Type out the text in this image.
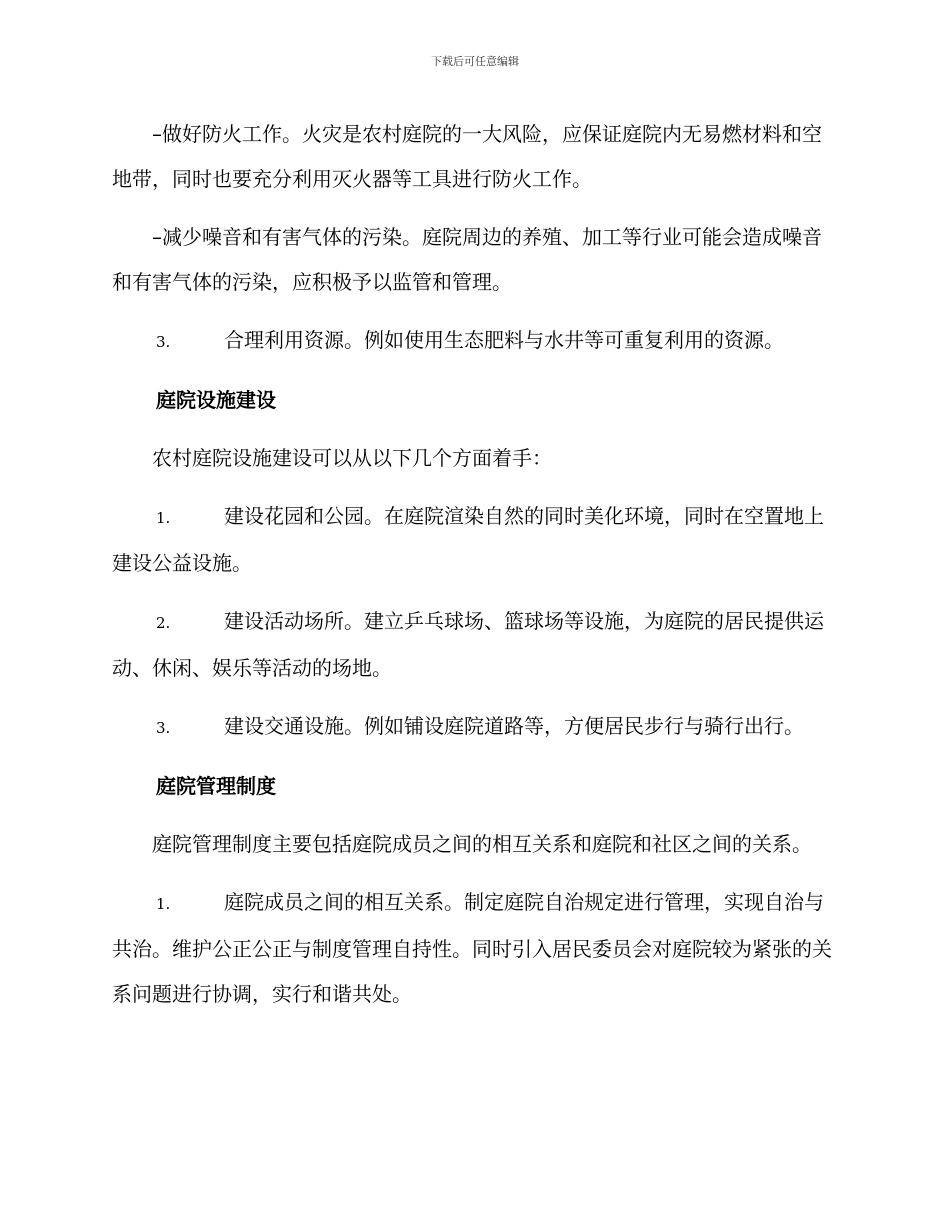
下载后可任意编辑

–做好防火工作。火灾是农村庭院的一大风险，应保证庭院内无易燃材料和空地带，同时也要充分利用灭火器等工具进行防火工作。

–减少噪音和有害气体的污染。庭院周边的养殖、加工等行业可能会造成噪音和有害气体的污染，应积极予以监管和管理。

3.	合理利用资源。例如使用生态肥料与水井等可重复利用的资源。

庭院设施建设

农村庭院设施建设可以从以下几个方面着手：

1.	建设花园和公园。在庭院渲染自然的同时美化环境，同时在空置地上建设公益设施。

2.	建设活动场所。建立乒乓球场、篮球场等设施，为庭院的居民提供运动、休闲、娱乐等活动的场地。

3.	建设交通设施。例如铺设庭院道路等，方便居民步行与骑行出行。

庭院管理制度

庭院管理制度主要包括庭院成员之间的相互关系和庭院和社区之间的关系。

1.	庭院成员之间的相互关系。制定庭院自治规定进行管理，实现自治与共治。维护公正公正与制度管理自持性。同时引入居民委员会对庭院较为紧张的关系问题进行协调，实行和谐共处。
